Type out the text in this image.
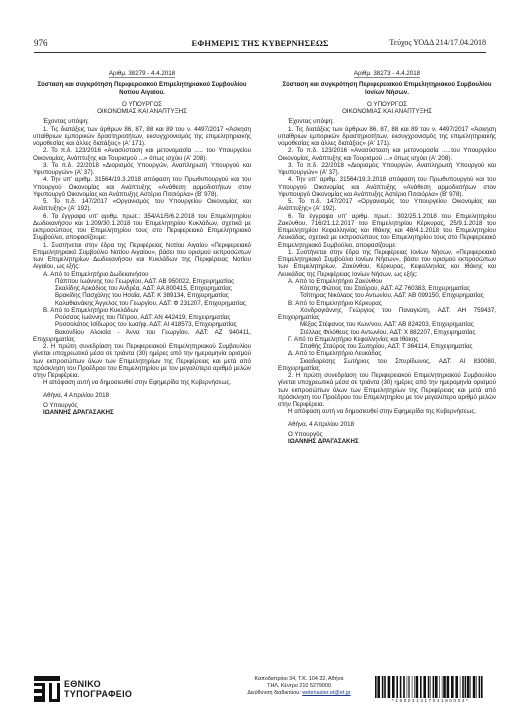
976	ΕΦΗΜΕΡΙΣ ΤΗΣ ΚΥΒΕΡΝΗΣΕΩΣ	Τεύχος ΥΟΔΔ 214/17.04.2018

Αριθμ. 38279 - 4.4.2018

Σύσταση και συγκρότηση Περιφερειακού Επιμελητηριακού Συμβουλίου Νοτίου Αιγαίου.

Ο ΥΠΟΥΡΓΟΣ

ΟΙΚΟΝΟΜΙΑΣ ΚΑΙ ΑΝΑΠΤΥΞΗΣ

Έχοντας υπόψη:

1. Τις διατάξεις των άρθρων 86, 87, 88 και 89 του ν. 4497/2017 «Άσκηση υπαίθριων εμπορικών δραστηριοτήτων, εκσυγχρονισμός της επιμελητηριακής νομοθεσίας και άλλες διατάξεις» (Α' 171).

2. Το π.δ. 123/2016 «Ανασύσταση και μετονομασία ..... του Υπουργείου Οικονομίας, Ανάπτυξης και Τουρισμού ...» όπως ισχύει (Α' 208).

3. Το π.δ. 22/2018 «Διορισμός Υπουργών, Αναπληρωτή Υπουργού και Υφυπουργών» (Α' 37).

4. Την υπ' αριθμ. 31564/19.3.2018 απόφαση του Πρωθυπουργού και του Υπουργού Οικονομίας και Ανάπτυξης «Ανάθεση αρμοδιοτήτων στον Υφυπουργό Οικονομίας και Ανάπτυξης Αστέριο Πιτσιόρλα» (Β' 978).

5. Το π.δ. 147/2017 «Οργανισμός του Υπουργείου Οικονομίας και Ανάπτυξης» (Α' 192).

6. Τα έγγραφα υπ' αριθμ. πρωτ.: 354/Α1/5/6.2.2018 του Επιμελητηρίου Δωδεκανήσου και 1.209/30.1.2018 του Επιμελητηρίου Κυκλάδων, σχετικά με εκπροσώπους του Επιμελητηρίου τους στο Περιφερειακό Επιμελητηριακό Συμβούλιο, αποφασίζουμε:

1. Συστήνεται στην έδρα της Περιφέρειας Νοτίου Αιγαίου «Περιφερειακό Επιμελητηριακό Συμβούλιο Νοτίου Αιγαίου», βάσει του ορισμού εκπροσώπων των Επιμελητηρίων Δωδεκανήσου και Κυκλάδων της Περιφέρειας Νοτίου Αιγαίου, ως εξής:

Α. Από το Επιμελητήριο Δωδεκανήσου

Πάππου Ιωάννης του Γεωργίου, ΑΔΤ: ΑΒ 950022, Επιχειρηματίας

Σκαλίδης Αρκάδιος του Ανδρέα, ΑΔΤ: ΑΑ 800415, Επιχειρηματίας

Βρακίδης Πασχάλης του Ησαΐα, ΑΔΤ: Κ 389134, Επιχειρηματίας

Καλαθιανάκης Άγγελος του Γεωργίου, ΑΔΤ: Φ 231207, Επιχειρηματίας

Β. Από το Επιμελητήριο Κυκλάδων

Ρούσσος Ιωάννης του Πέτρου, ΑΔΤ: ΑΝ 442419, Επιχειρηματίας

Ροσσολάτος Ισίδωρος του Ιωσήφ, ΑΔΤ: ΑΙ 418573, Επιχειρηματίας

Βακονδίου Αλοισία - Άννα του Γεωργίου, ΑΔΤ: ΑΖ 940411, Επιχειρηματίας

2. Η πρώτη συνεδρίαση του Περιφερειακού Επιμελητηριακού Συμβουλίου γίνεται υποχρεωτικά μέσα σε τριάντα (30) ημέρες από την ημερομηνία ορισμού των εκπροσώπων όλων των Επιμελητηρίων της Περιφέρειας και μετά από πρόσκληση του Προέδρου του Επιμελητηρίου με τον μεγαλύτερο αριθμό μελών στην Περιφέρεια.

Η απόφαση αυτή να δημοσιευθεί στην Εφημερίδα της Κυβερνήσεως.

Αθήνα, 4 Απριλίου 2018

Ο Υπουργός

ΙΩΑΝΝΗΣ ΔΡΑΓΑΣΑΚΗΣ

Αριθμ. 38273 - 4.4.2018

Σύσταση και συγκρότηση Περιφερειακού Επιμελητηριακού Συμβουλίου Ιονίων Νήσων.

Ο ΥΠΟΥΡΓΟΣ

ΟΙΚΟΝΟΜΙΑΣ ΚΑΙ ΑΝΑΠΤΥΞΗΣ

Έχοντας υπόψη:

1. Τις διατάξεις των άρθρων 86, 87, 88 και 89 του ν. 4497/2017 «Άσκηση υπαίθριων εμπορικών δραστηριοτήτων, εκσυγχρονισμός της επιμελητηριακής νομοθεσίας και άλλες διατάξεις» (Α' 171).

2. Το π.δ. 123/2016 «Ανασύσταση και μετονομασία .....του Υπουργείου Οικονομίας, Ανάπτυξης και Τουρισμού ...» όπως ισχύει (Α' 208).

3. Το π.δ. 22/2018 «Διορισμός Υπουργών, Αναπληρωτή Υπουργού και Υφυπουργών» (Α' 37).

4. Την υπ' αριθμ. 31564/19.3.2018 απόφαση του Πρωθυπουργού και του Υπουργού Οικονομίας και Ανάπτυξης «Ανάθεση αρμοδιοτήτων στον Υφυπουργό Οικονομίας και Ανάπτυξης Αστέριο Πιτσιόρλα» (Β' 978).

5. Το π.δ. 147/2017 «Οργανισμός του Υπουργείου Οικονομίας και Ανάπτυξης» (Α' 192).

6. Τα έγγραφα υπ' αριθμ. πρωτ.: 302/25.1.2018 του Επιμελητηρίου Ζακύνθου, 716/21.12.2017 του Επιμελητηρίου Κέρκυρας, 25/9.1.2018 του Επιμελητηρίου Κεφαλληνίας και Ιθάκης και 48/4.1.2018 του Επιμελητηρίου Λευκάδας, σχετικά με εκπροσώπους του Επιμελητηρίου τους στο Περιφερειακό Επιμελητηριακό Συμβούλιο, αποφασίζουμε:

1. Συστήνεται στην έδρα της Περιφέρειας Ιονίων Νήσων, «Περιφερειακό Επιμελητηριακό Συμβούλιο Ιονίων Νήσων», βάσει του ορισμού εκπροσώπων των Επιμελητηρίων, Ζακύνθου, Κέρκυρας, Κεφαλληνίας και Ιθάκης και Λευκάδας της Περιφέρειας Ιονίων Νήσων, ως εξής:

Α. Από το Επιμελητήριο Ζακύνθου

Κότσης Φώτιος του Σταύρου, ΑΔΤ: ΑΖ 760383, Επιχειρηματίας

Τσίπηρας Νικόλαος του Αντωνίου, ΑΔΤ: ΑΒ 099150, Επιχειρηματίας

Β. Από το Επιμελητήριο Κέρκυρας

Χονδρογιάννης Γεώργιος του Παναγιώτη, ΑΔΤ: ΑΗ 759437, Επιχειρηματίας

Μέξας Στέφανος του Κων/νου, ΑΔΤ: ΑΒ 824203, Επιχειρηματίας

Στέλλας Φιλόθεος του Αντωνίου, ΑΔΤ: Χ 882207, Επιχειρηματίας

Γ. Από το Επιμελητήριο Κεφαλληνίας και Ιθάκης

Σπαθής Σταύρος του Σωτηρίου, ΑΔΤ: Τ 364114, Επιχειρηματίας

Δ. Από το Επιμελητήριο Λευκάδας

Σκιαδαρέσης Σωτήριος του Σπυρίδωνος, ΑΔΤ: ΑΙ 830080, Επιχειρηματίας

2. Η πρώτη συνεδρίαση του Περιφερειακού Επιμελητηριακού Συμβουλίου γίνεται υποχρεωτικά μέσα σε τριάντα (30) ημέρες από την ημερομηνία ορισμού των εκπροσώπων όλων των Επιμελητηρίων της Περιφέρειας και μετά από πρόσκληση του Προέδρου του Επιμελητηρίου με τον μεγαλύτερο αριθμό μελών στην Περιφέρεια.

Η απόφαση αυτή να δημοσιευθεί στην Εφημερίδα της Κυβερνήσεως.

Αθήνα, 4 Απριλίου 2018

Ο Υπουργός

ΙΩΑΝΝΗΣ ΔΡΑΓΑΣΑΚΗΣ

ΕΘΝΙΚΟ
ΤΥΠΟΓΡΑΦΕΙΟ
Καποδιστρίου 34, Τ.Κ. 104 32, Αθήνα
ΤΗΛ. Κέντρο 210 5279000
Διεύθυνση διαδικτύου: webmaster.et@et.gr
* 1 6 0 0 2 1 4 1 7 0 4 1 8 0 0 0 4 *
